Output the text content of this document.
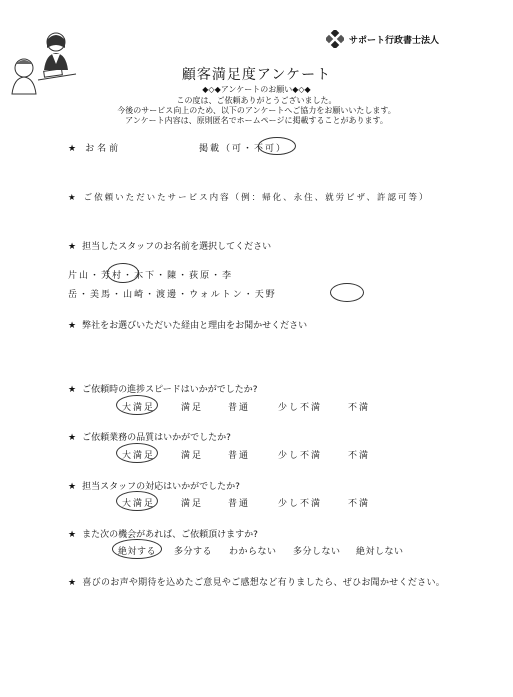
サポート行政書士法人
顧客満足度アンケート
◆◇◆アンケートのお願い◆◇◆
この度は、ご依頼ありがとうございました。
今後のサービス向上のため、以下のアンケートへご協力をお願いいたします。
アンケート内容は、原則匿名でホームページに掲載することがあります。
★ お名前	掲載（可・不可）
★ ご依頼いただいたサービス内容（例：帰化、永住、就労ビザ、許認可等）
★ 担当したスタッフのお名前を選択してください
片山・芳村・木下・陳・荻原・李
岳・美馬・山崎・渡邊・ウォルトン・天野
★ 弊社をお選びいただいた経由と理由をお聞かせください
★ ご依頼時の進捗スピードはいかがでしたか?
大満足	満足	普通	少し不満	不満
★ ご依頼業務の品質はいかがでしたか?
大満足	満足	普通	少し不満	不満
★ 担当スタッフの対応はいかがでしたか?
大満足	満足	普通	少し不満	不満
★ また次の機会があれば、ご依頼頂けますか?
絶対する 多分する わからない 多分しない 絶対しない
★ 喜びのお声や期待を込めたご意見やご感想など有りましたら、ぜひお聞かせください。
